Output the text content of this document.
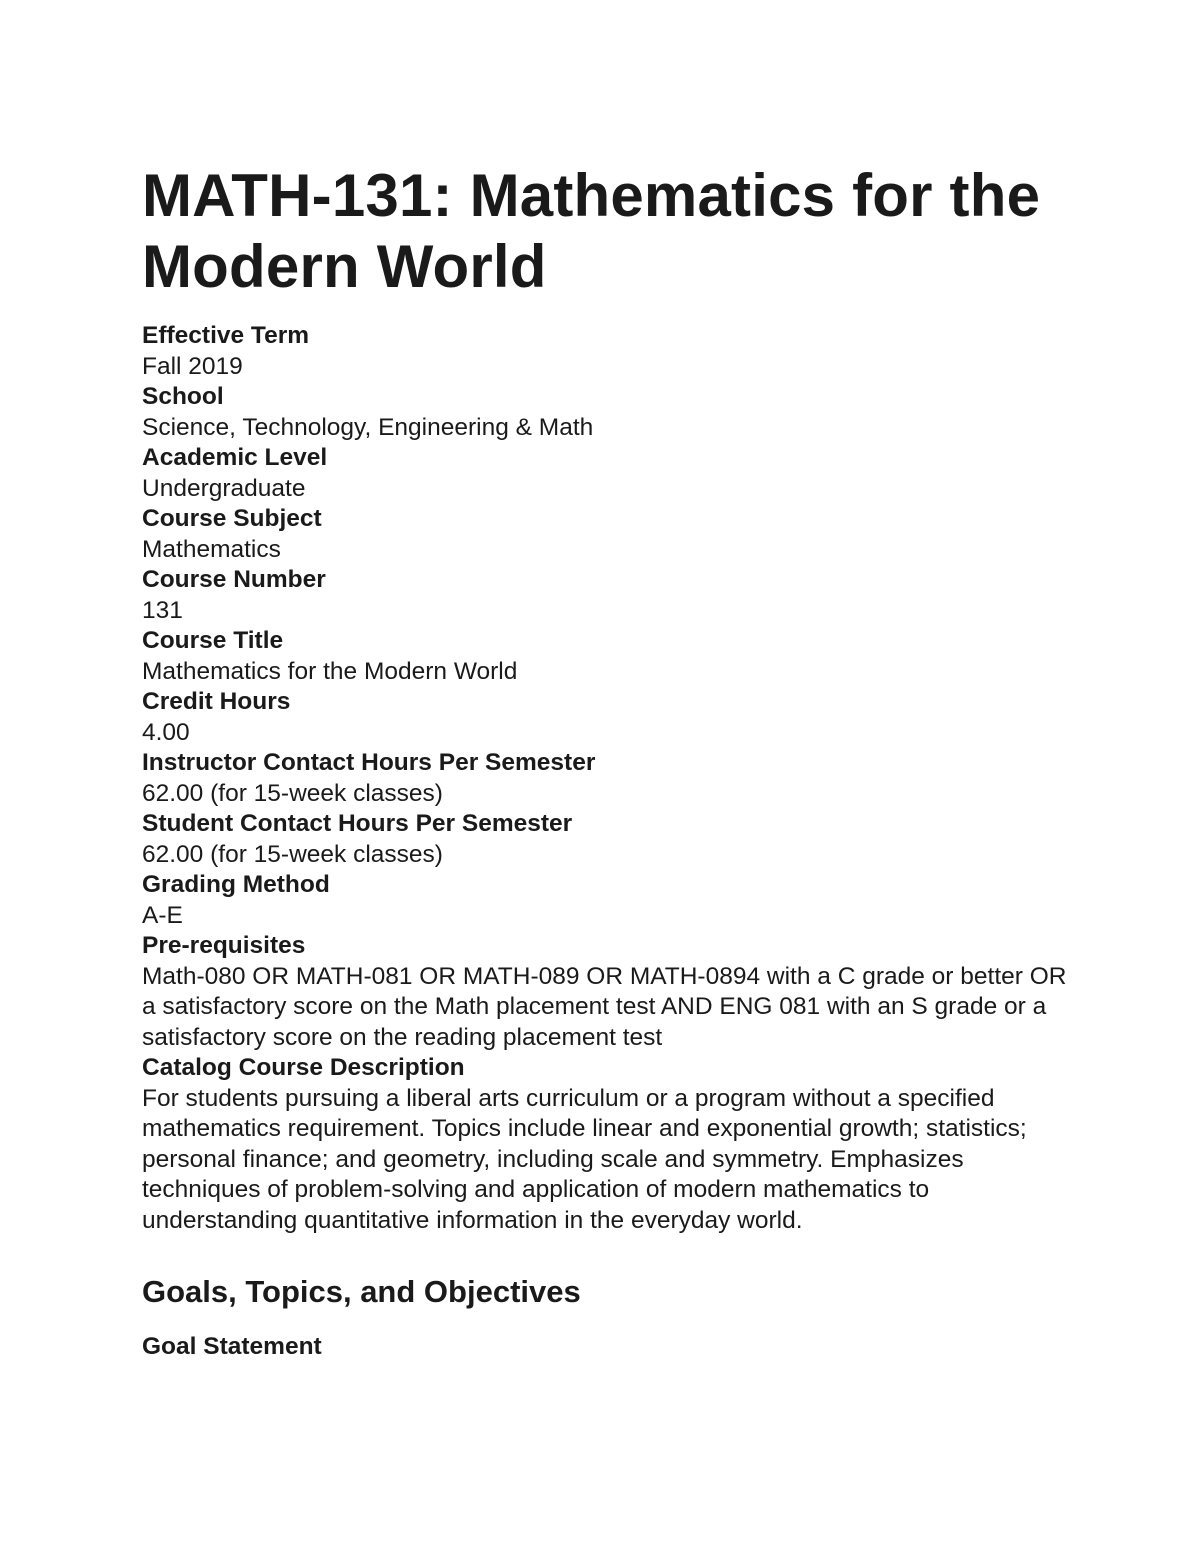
MATH-131: Mathematics for the Modern World
Effective Term
Fall 2019
School
Science, Technology, Engineering & Math
Academic Level
Undergraduate
Course Subject
Mathematics
Course Number
131
Course Title
Mathematics for the Modern World
Credit Hours
4.00
Instructor Contact Hours Per Semester
62.00 (for 15-week classes)
Student Contact Hours Per Semester
62.00 (for 15-week classes)
Grading Method
A-E
Pre-requisites
Math-080 OR MATH-081 OR MATH-089 OR MATH-0894 with a C grade or better OR a satisfactory score on the Math placement test AND ENG 081 with an S grade or a satisfactory score on the reading placement test
Catalog Course Description
For students pursuing a liberal arts curriculum or a program without a specified mathematics requirement. Topics include linear and exponential growth; statistics; personal finance; and geometry, including scale and symmetry. Emphasizes techniques of problem-solving and application of modern mathematics to understanding quantitative information in the everyday world.
Goals, Topics, and Objectives
Goal Statement
